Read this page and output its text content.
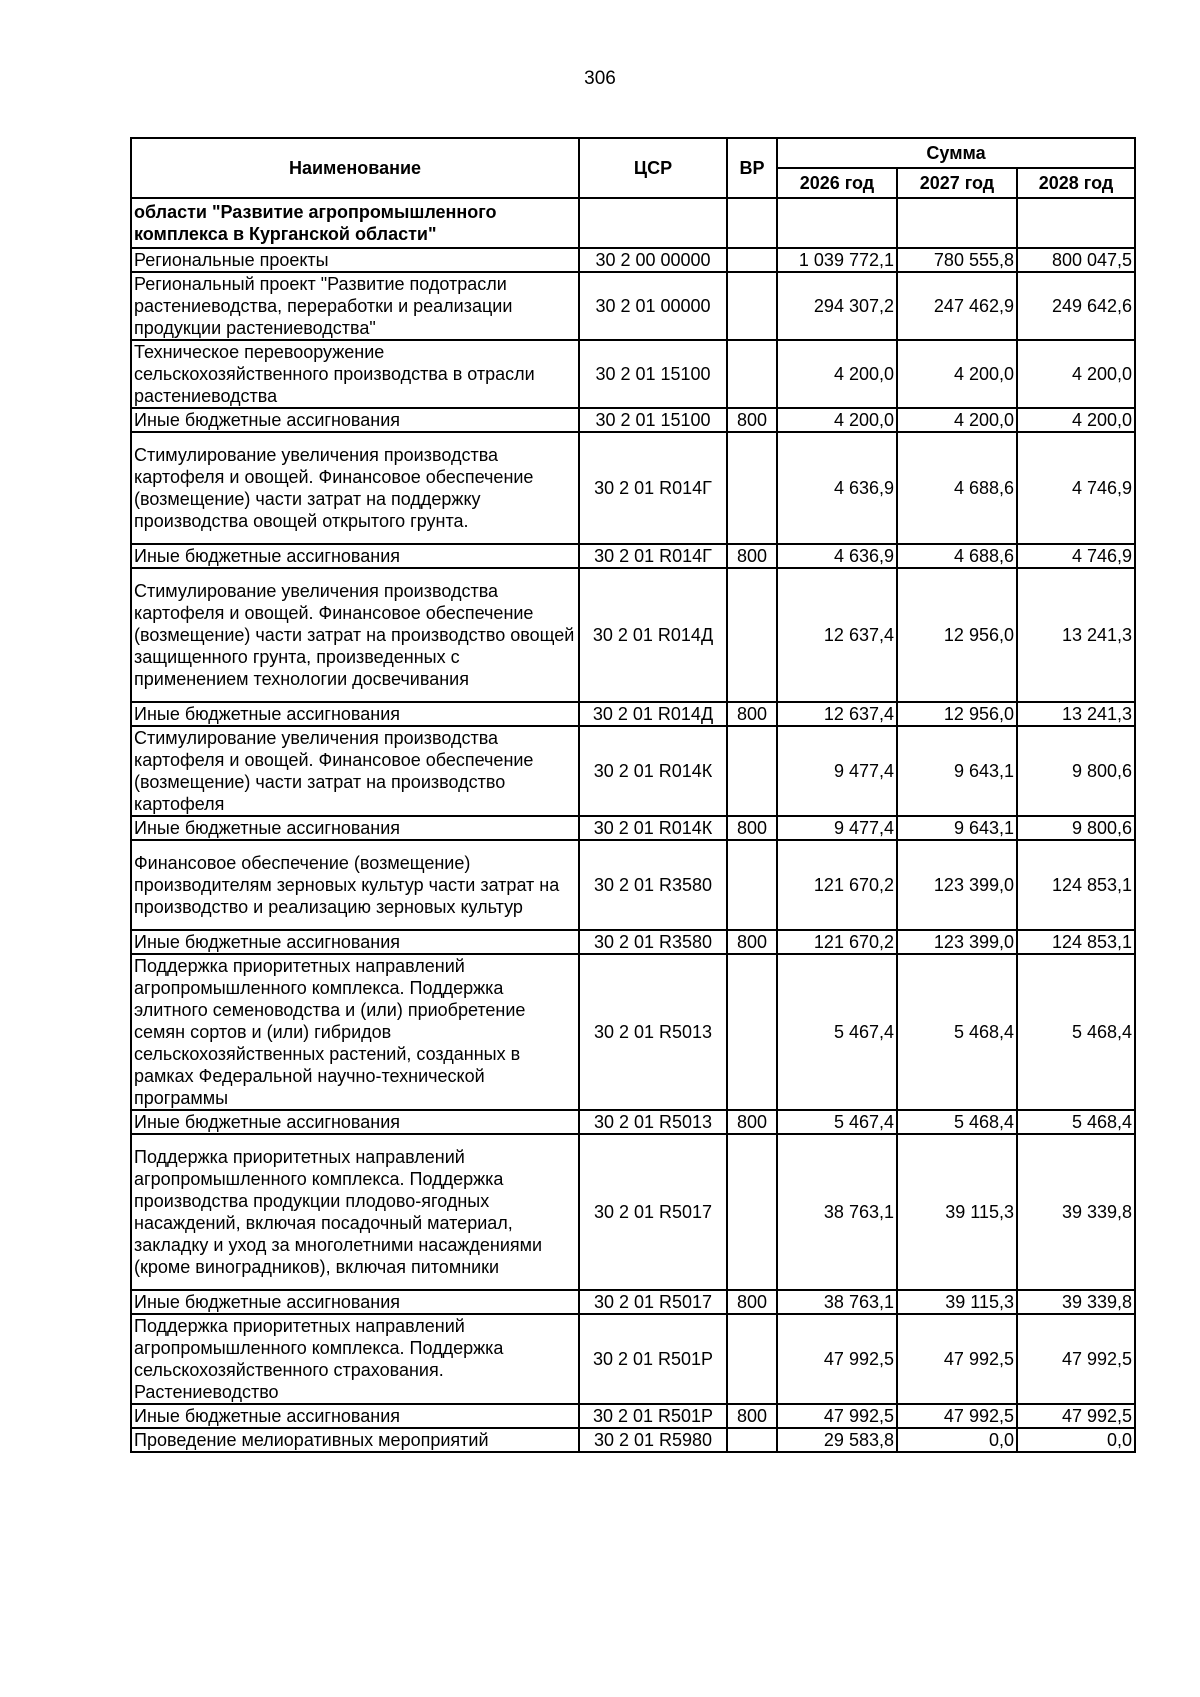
306
Наименование	ЦСР	ВР	Сумма		
			2026 год	2027 год	2028 год
области "Развитие агропромышленного комплекса в Курганской области"					
Региональные проекты	30 2 00 00000		1 039 772,1	780 555,8	800 047,5
Региональный проект "Развитие подотрасли растениеводства, переработки и реализации продукции растениеводства"	30 2 01 00000		294 307,2	247 462,9	249 642,6
Техническое перевооружение сельскохозяйственного производства в отрасли растениеводства	30 2 01 15100		4 200,0	4 200,0	4 200,0
Иные бюджетные ассигнования	30 2 01 15100	800	4 200,0	4 200,0	4 200,0
Стимулирование увеличения производства картофеля и овощей. Финансовое обеспечение (возмещение) части затрат на поддержку производства овощей открытого грунта.	30 2 01 R014Г		4 636,9	4 688,6	4 746,9
Иные бюджетные ассигнования	30 2 01 R014Г	800	4 636,9	4 688,6	4 746,9
Стимулирование увеличения производства картофеля и овощей. Финансовое обеспечение (возмещение) части затрат на производство овощей защищенного грунта, произведенных с применением технологии досвечивания	30 2 01 R014Д		12 637,4	12 956,0	13 241,3
Иные бюджетные ассигнования	30 2 01 R014Д	800	12 637,4	12 956,0	13 241,3
Стимулирование увеличения производства картофеля и овощей. Финансовое обеспечение (возмещение) части затрат на производство картофеля	30 2 01 R014К		9 477,4	9 643,1	9 800,6
Иные бюджетные ассигнования	30 2 01 R014К	800	9 477,4	9 643,1	9 800,6
Финансовое обеспечение (возмещение) производителям зерновых культур части затрат на производство и реализацию зерновых культур	30 2 01 R3580		121 670,2	123 399,0	124 853,1
Иные бюджетные ассигнования	30 2 01 R3580	800	121 670,2	123 399,0	124 853,1
Поддержка приоритетных направлений агропромышленного комплекса. Поддержка элитного семеноводства и (или) приобретение семян сортов и (или) гибридов сельскохозяйственных растений, созданных в рамках Федеральной научно-технической программы	30 2 01 R5013		5 467,4	5 468,4	5 468,4
Иные бюджетные ассигнования	30 2 01 R5013	800	5 467,4	5 468,4	5 468,4
Поддержка приоритетных направлений агропромышленного комплекса. Поддержка производства продукции плодово-ягодных насаждений, включая посадочный материал, закладку и уход за многолетними насаждениями (кроме виноградников), включая питомники	30 2 01 R5017		38 763,1	39 115,3	39 339,8
Иные бюджетные ассигнования	30 2 01 R5017	800	38 763,1	39 115,3	39 339,8
Поддержка приоритетных направлений агропромышленного комплекса. Поддержка сельскохозяйственного страхования. Растениеводство	30 2 01 R501Р		47 992,5	47 992,5	47 992,5
Иные бюджетные ассигнования	30 2 01 R501Р	800	47 992,5	47 992,5	47 992,5
Проведение мелиоративных мероприятий	30 2 01 R5980		29 583,8	0,0	0,0
